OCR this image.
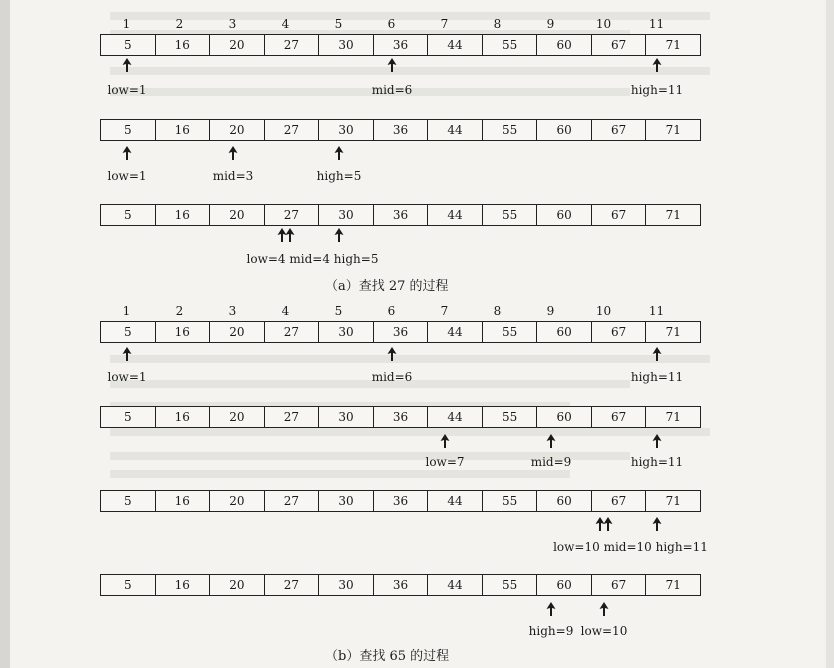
1	2	3	4	5	6	7	8	9	10	11
5	16	20	27	30	36	44	55	60	67	71
low=1	mid=6	high=11
5	16	20	27	30	36	44	55	60	67	71
low=1	mid=3	high=5
5	16	20	27	30	36	44	55	60	67	71
low=4 mid=4 high=5
（a）查找 27 的过程
1	2	3	4	5	6	7	8	9	10	11
5	16	20	27	30	36	44	55	60	67	71
low=1	mid=6	high=11
5	16	20	27	30	36	44	55	60	67	71
low=7	mid=9	high=11
5	16	20	27	30	36	44	55	60	67	71
low=10 mid=10 high=11
5	16	20	27	30	36	44	55	60	67	71
high=9 low=10
（b）查找 65 的过程
